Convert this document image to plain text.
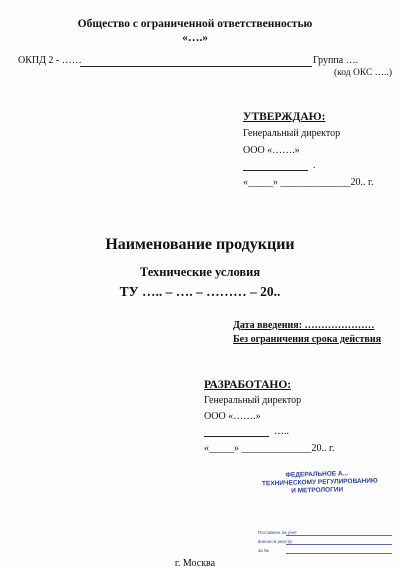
Общество с ограниченной ответственностью
«….»
ОКПД 2 - ……	Группа ….
(код ОКС …..)
УТВЕРЖДАЮ:
Генеральный директор
ООО «…….»
.
«_____» ______________20.. г.
Наименование продукции
Технические условия
ТУ ….. – …. – ……… – 20..
Дата введения: …………………
Без ограничения срока действия
РАЗРАБОТАНО:
Генеральный директор
ООО «…….»
…..
«_____» ______________20.. г.
ФЕДЕРАЛЬНОЕ А...
ТЕХНИЧЕСКОМУ РЕГУЛИРОВАНИЮ
И МЕТРОЛОГИИ
Поставлен на учет
внесен в реестр
за №
г. Москва
